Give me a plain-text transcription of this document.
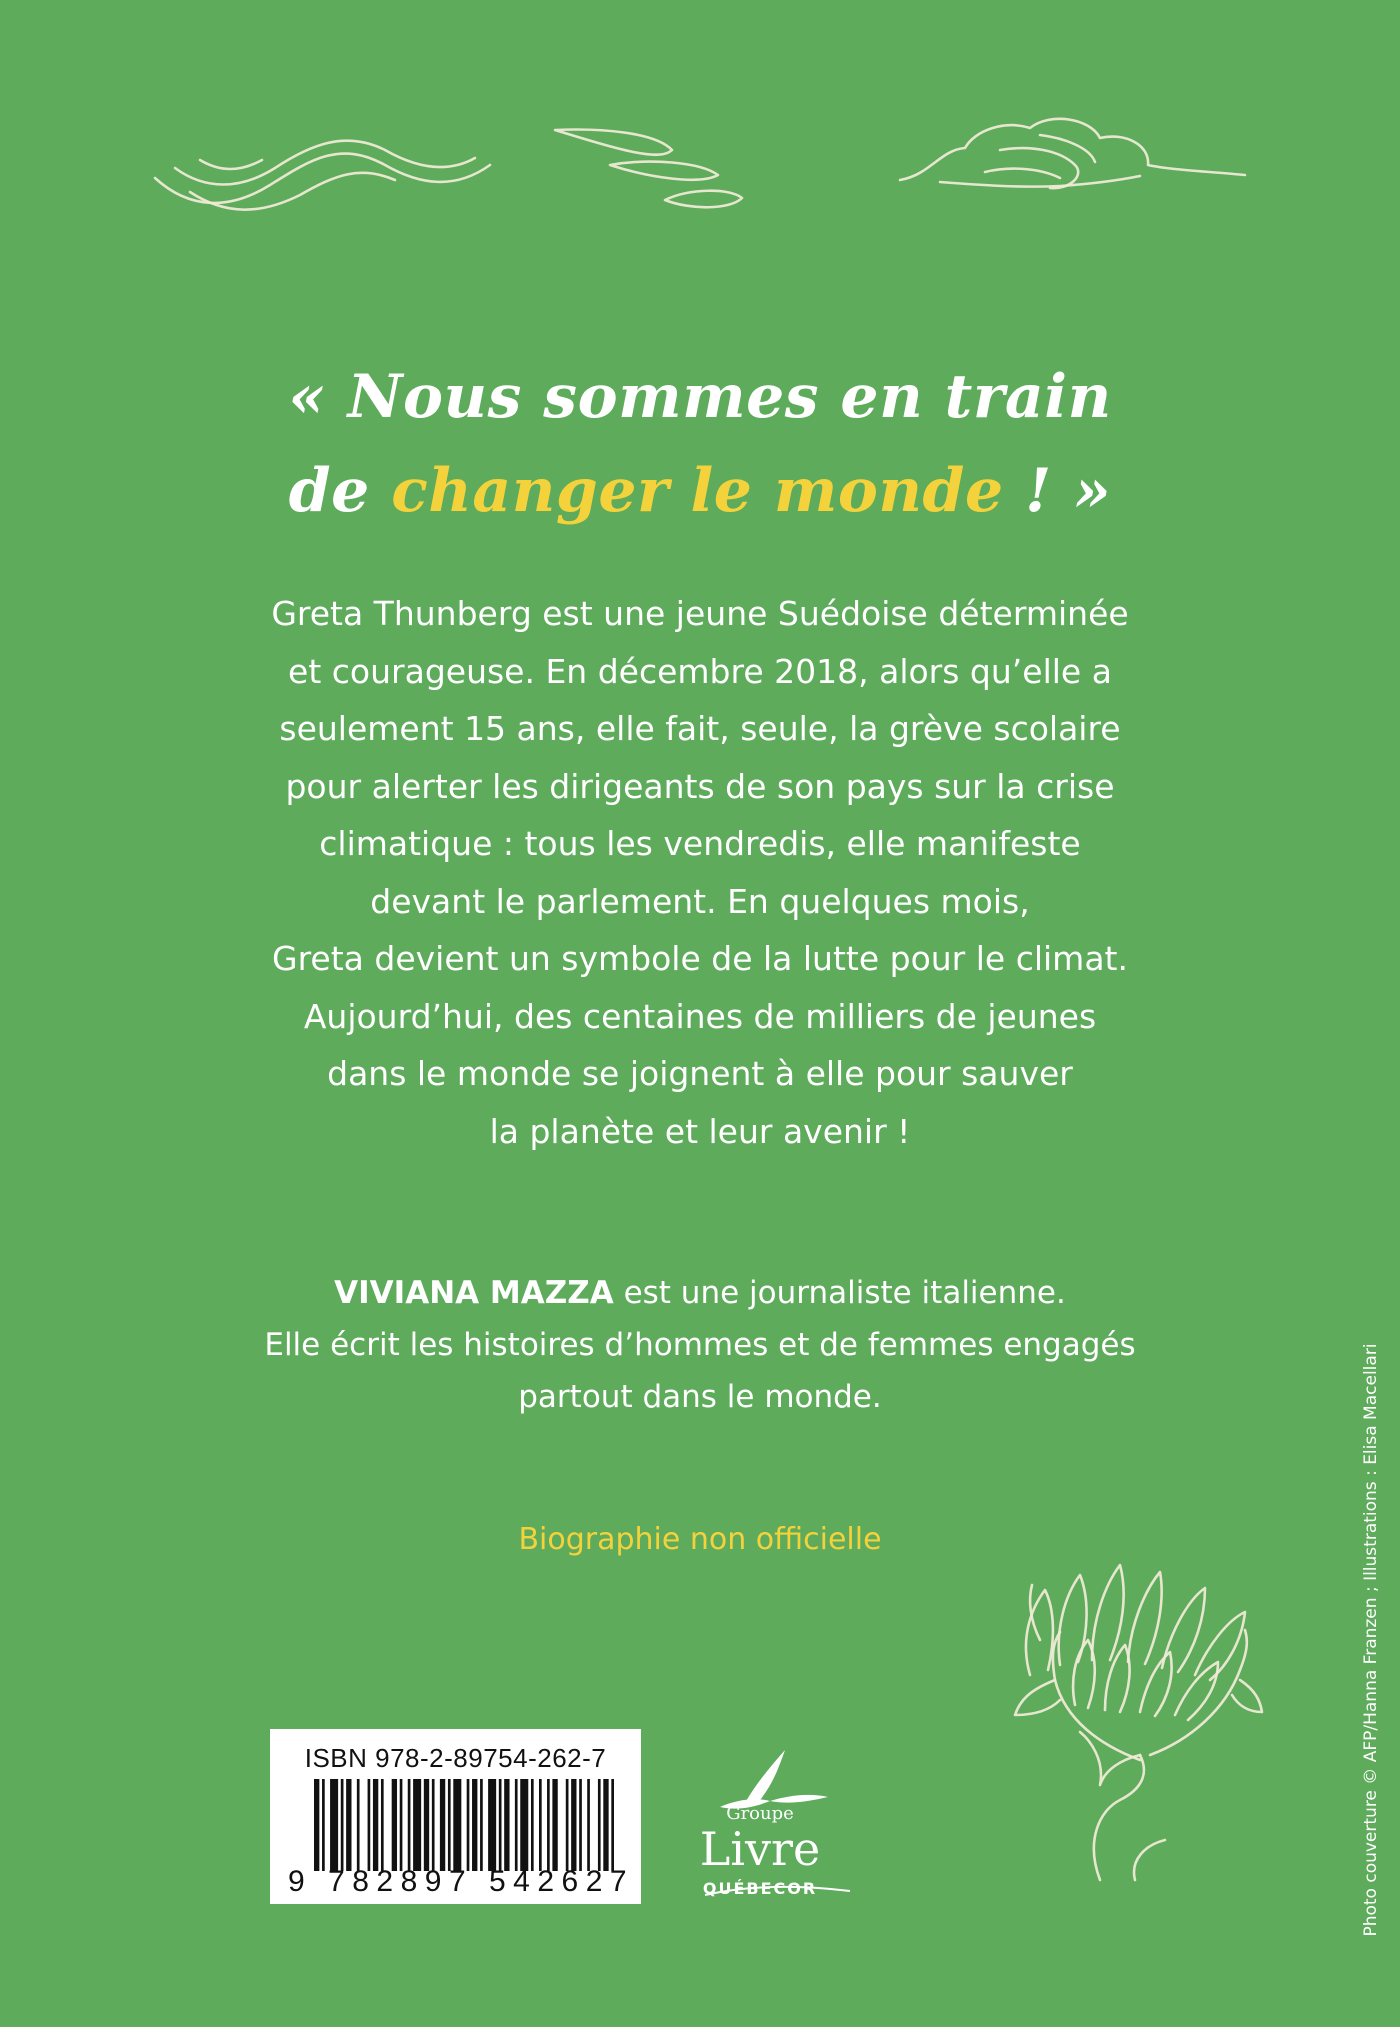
« Nous sommes en train
de changer le monde ! »

Greta Thunberg est une jeune Suédoise déterminée

et courageuse. En décembre 2018, alors qu’elle a

seulement 15 ans, elle fait, seule, la grève scolaire

pour alerter les dirigeants de son pays sur la crise

climatique : tous les vendredis, elle manifeste

devant le parlement. En quelques mois,

Greta devient un symbole de la lutte pour le climat.

Aujourd’hui, des centaines de milliers de jeunes

dans le monde se joignent à elle pour sauver

la planète et leur avenir !

VIVIANA MAZZA est une journaliste italienne.

Elle écrit les histoires d’hommes et de femmes engagés

partout dans le monde.

Biographie non officielle
ISBN 978-2-89754-262-7
9 782897 542627
Groupe
Livre
QUÉBECOR	Photo couverture © AFP/Hanna Franzen ; Illustrations : Elisa Macellari
